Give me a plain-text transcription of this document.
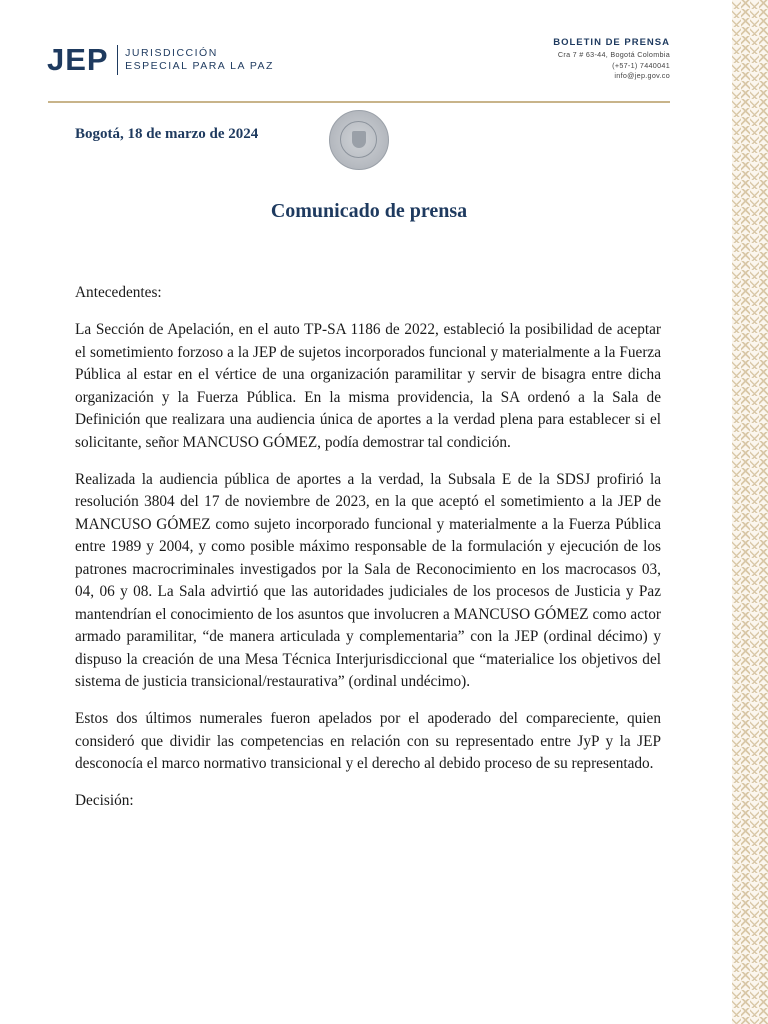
JEP JURISDICCIÓN
ESPECIAL PARA LA PAZ
BOLETIN DE PRENSA
Cra 7 # 63-44, Bogotá Colombia
(+57-1) 7440041
info@jep.gov.co
Bogotá, 18 de marzo de 2024
Comunicado de prensa

Antecedentes:

La Sección de Apelación, en el auto TP-SA 1186 de 2022, estableció la posibilidad de aceptar el sometimiento forzoso a la JEP de sujetos incorporados funcional y materialmente a la Fuerza Pública al estar en el vértice de una organización paramilitar y servir de bisagra entre dicha organización y la Fuerza Pública. En la misma providencia, la SA ordenó a la Sala de Definición que realizara una audiencia única de aportes a la verdad plena para establecer si el solicitante, señor MANCUSO GÓMEZ, podía demostrar tal condición.

Realizada la audiencia pública de aportes a la verdad, la Subsala E de la SDSJ profirió la resolución 3804 del 17 de noviembre de 2023, en la que aceptó el sometimiento a la JEP de MANCUSO GÓMEZ como sujeto incorporado funcional y materialmente a la Fuerza Pública entre 1989 y 2004, y como posible máximo responsable de la formulación y ejecución de los patrones macrocriminales investigados por la Sala de Reconocimiento en los macrocasos 03, 04, 06 y 08. La Sala advirtió que las autoridades judiciales de los procesos de Justicia y Paz mantendrían el conocimiento de los asuntos que involucren a MANCUSO GÓMEZ como actor armado paramilitar, “de manera articulada y complementaria” con la JEP (ordinal décimo) y dispuso la creación de una Mesa Técnica Interjurisdiccional que “materialice los objetivos del sistema de justicia transicional/restaurativa” (ordinal undécimo).

Estos dos últimos numerales fueron apelados por el apoderado del compareciente, quien consideró que dividir las competencias en relación con su representado entre JyP y la JEP desconocía el marco normativo transicional y el derecho al debido proceso de su representado.

Decisión:
